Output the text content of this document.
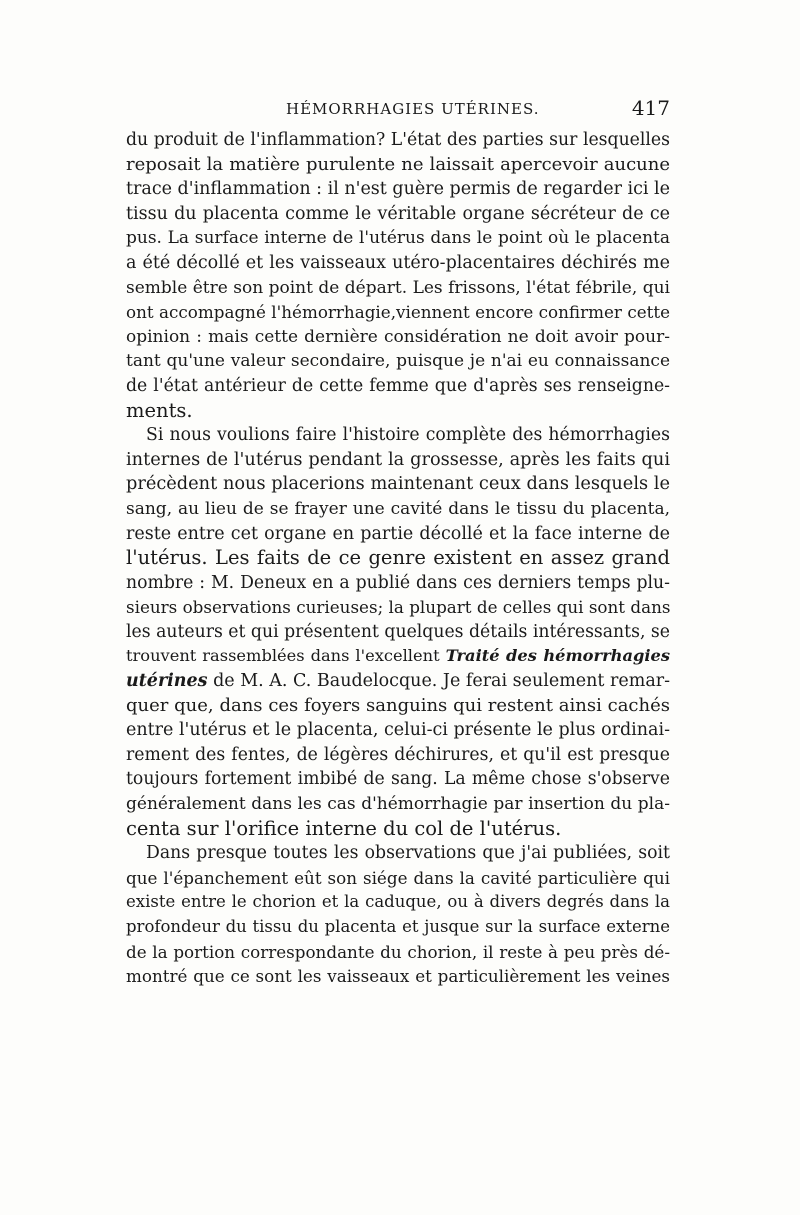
HÉMORRHAGIES UTÉRINES.	417
du produit de l'inflammation? L'état des parties sur lesquelles
reposait la matière purulente ne laissait apercevoir aucune
trace d'inflammation : il n'est guère permis de regarder ici le
tissu du placenta comme le véritable organe sécréteur de ce
pus. La surface interne de l'utérus dans le point où le placenta
a été décollé et les vaisseaux utéro-placentaires déchirés me
semble être son point de départ. Les frissons, l'état fébrile, qui
ont accompagné l'hémorrhagie,viennent encore confirmer cette
opinion : mais cette dernière considération ne doit avoir pour-
tant qu'une valeur secondaire, puisque je n'ai eu connaissance
de l'état antérieur de cette femme que d'après ses renseigne-
ments.
Si nous voulions faire l'histoire complète des hémorrhagies
internes de l'utérus pendant la grossesse, après les faits qui
précèdent nous placerions maintenant ceux dans lesquels le
sang, au lieu de se frayer une cavité dans le tissu du placenta,
reste entre cet organe en partie décollé et la face interne de
l'utérus. Les faits de ce genre existent en assez grand
nombre : M. Deneux en a publié dans ces derniers temps plu-
sieurs observations curieuses; la plupart de celles qui sont dans
les auteurs et qui présentent quelques détails intéressants, se
trouvent rassemblées dans l'excellent Traité des hémorrhagies
utérines de M. A. C. Baudelocque. Je ferai seulement remar-
quer que, dans ces foyers sanguins qui restent ainsi cachés
entre l'utérus et le placenta, celui-ci présente le plus ordinai-
rement des fentes, de légères déchirures, et qu'il est presque
toujours fortement imbibé de sang. La même chose s'observe
généralement dans les cas d'hémorrhagie par insertion du pla-
centa sur l'orifice interne du col de l'utérus.
Dans presque toutes les observations que j'ai publiées, soit
que l'épanchement eût son siége dans la cavité particulière qui
existe entre le chorion et la caduque, ou à divers degrés dans la
profondeur du tissu du placenta et jusque sur la surface externe
de la portion correspondante du chorion, il reste à peu près dé-
montré que ce sont les vaisseaux et particulièrement les veines
